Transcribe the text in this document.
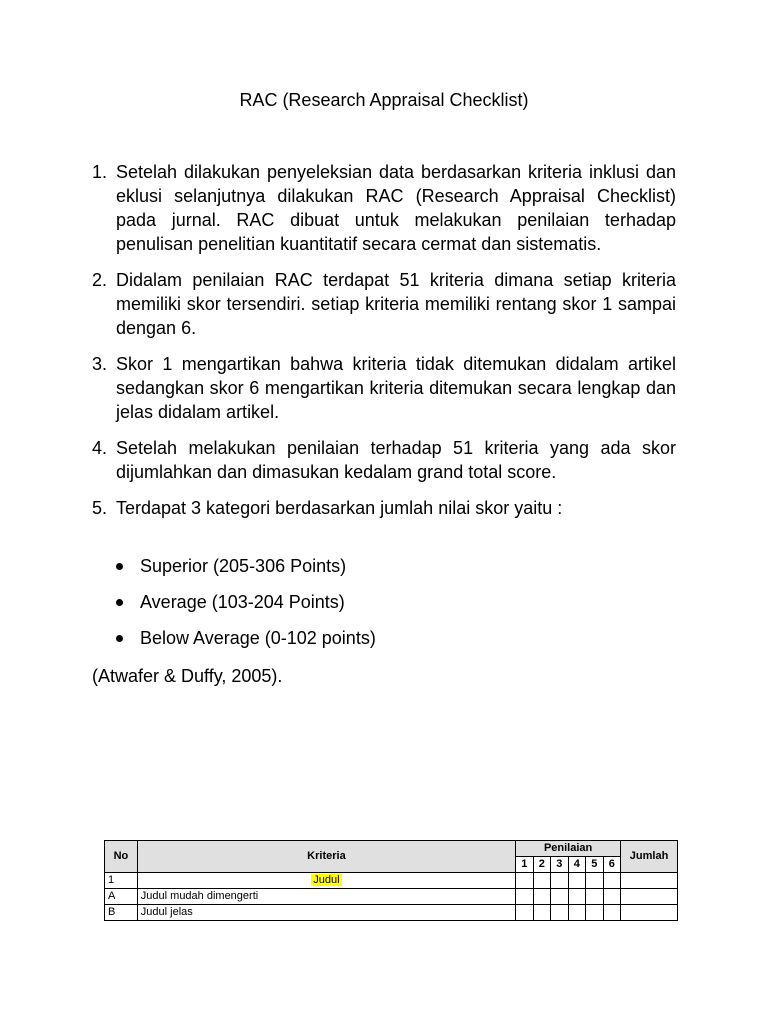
RAC (Research Appraisal Checklist)
1. Setelah dilakukan penyeleksian data berdasarkan kriteria inklusi dan eklusi selanjutnya dilakukan RAC (Research Appraisal Checklist) pada jurnal. RAC dibuat untuk melakukan penilaian terhadap penulisan penelitian kuantitatif secara cermat dan sistematis.
2. Didalam penilaian RAC terdapat 51 kriteria dimana setiap kriteria memiliki skor tersendiri. setiap kriteria memiliki rentang skor 1 sampai dengan 6.
3. Skor 1 mengartikan bahwa kriteria tidak ditemukan didalam artikel sedangkan skor 6 mengartikan kriteria ditemukan secara lengkap dan jelas didalam artikel.
4. Setelah melakukan penilaian terhadap 51 kriteria yang ada skor dijumlahkan dan dimasukan kedalam grand total score.
5. Terdapat 3 kategori berdasarkan jumlah nilai skor yaitu :
Superior (205-306 Points)
Average (103-204 Points)
Below Average (0-102 points)
(Atwafer & Duffy, 2005).
No	Kriteria	Penilaian						Jumlah
		1	2	3	4	5	6	
1	Judul							
A	Judul mudah dimengerti							
B	Judul jelas							
